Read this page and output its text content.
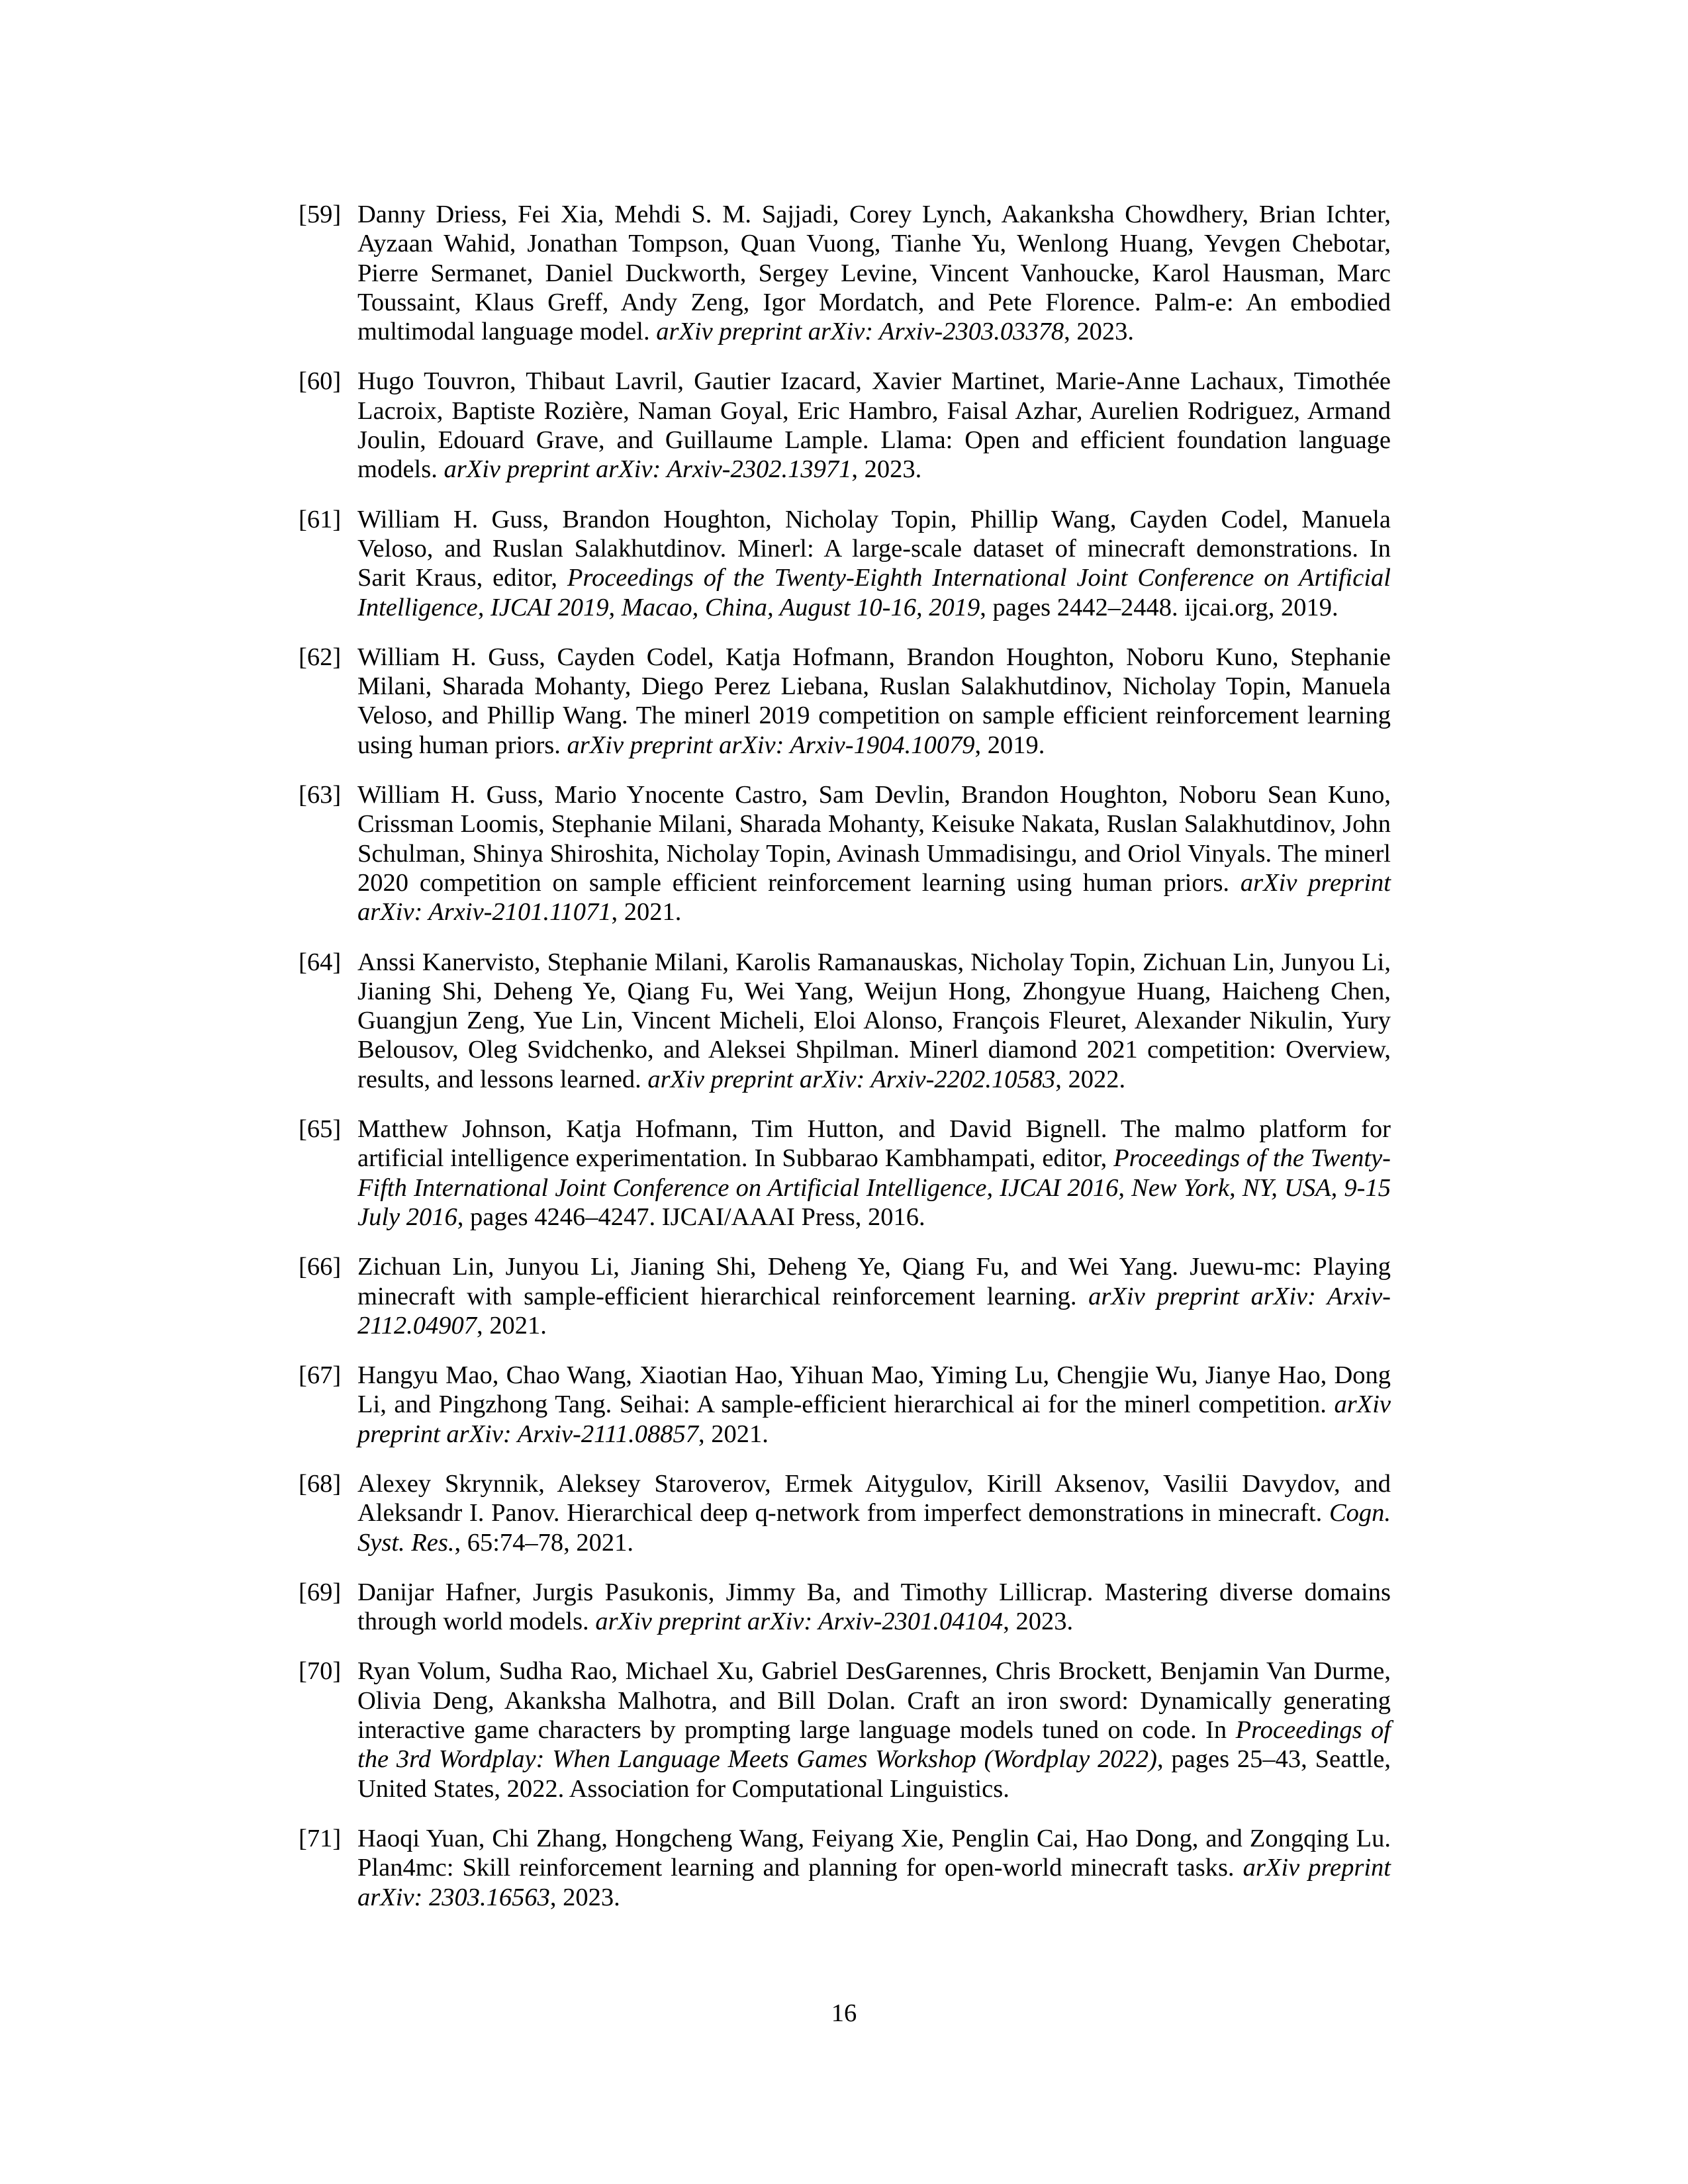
[59] Danny Driess, Fei Xia, Mehdi S. M. Sajjadi, Corey Lynch, Aakanksha Chowdhery, Brian Ichter, Ayzaan Wahid, Jonathan Tompson, Quan Vuong, Tianhe Yu, Wenlong Huang, Yevgen Chebotar, Pierre Sermanet, Daniel Duckworth, Sergey Levine, Vincent Vanhoucke, Karol Hausman, Marc Toussaint, Klaus Greff, Andy Zeng, Igor Mordatch, and Pete Florence. Palm-e: An embodied multimodal language model. arXiv preprint arXiv: Arxiv-2303.03378, 2023.
[60] Hugo Touvron, Thibaut Lavril, Gautier Izacard, Xavier Martinet, Marie-Anne Lachaux, Timothée Lacroix, Baptiste Rozière, Naman Goyal, Eric Hambro, Faisal Azhar, Aurelien Rodriguez, Armand Joulin, Edouard Grave, and Guillaume Lample. Llama: Open and efficient foundation language models. arXiv preprint arXiv: Arxiv-2302.13971, 2023.
[61] William H. Guss, Brandon Houghton, Nicholay Topin, Phillip Wang, Cayden Codel, Manuela Veloso, and Ruslan Salakhutdinov. Minerl: A large-scale dataset of minecraft demonstrations. In Sarit Kraus, editor, Proceedings of the Twenty-Eighth International Joint Conference on Artificial Intelligence, IJCAI 2019, Macao, China, August 10-16, 2019, pages 2442–2448. ijcai.org, 2019.
[62] William H. Guss, Cayden Codel, Katja Hofmann, Brandon Houghton, Noboru Kuno, Stephanie Milani, Sharada Mohanty, Diego Perez Liebana, Ruslan Salakhutdinov, Nicholay Topin, Manuela Veloso, and Phillip Wang. The minerl 2019 competition on sample efficient reinforcement learning using human priors. arXiv preprint arXiv: Arxiv-1904.10079, 2019.
[63] William H. Guss, Mario Ynocente Castro, Sam Devlin, Brandon Houghton, Noboru Sean Kuno, Crissman Loomis, Stephanie Milani, Sharada Mohanty, Keisuke Nakata, Ruslan Salakhutdinov, John Schulman, Shinya Shiroshita, Nicholay Topin, Avinash Ummadisingu, and Oriol Vinyals. The minerl 2020 competition on sample efficient reinforcement learning using human priors. arXiv preprint arXiv: Arxiv-2101.11071, 2021.
[64] Anssi Kanervisto, Stephanie Milani, Karolis Ramanauskas, Nicholay Topin, Zichuan Lin, Junyou Li, Jianing Shi, Deheng Ye, Qiang Fu, Wei Yang, Weijun Hong, Zhongyue Huang, Haicheng Chen, Guangjun Zeng, Yue Lin, Vincent Micheli, Eloi Alonso, François Fleuret, Alexander Nikulin, Yury Belousov, Oleg Svidchenko, and Aleksei Shpilman. Minerl diamond 2021 competition: Overview, results, and lessons learned. arXiv preprint arXiv: Arxiv-2202.10583, 2022.
[65] Matthew Johnson, Katja Hofmann, Tim Hutton, and David Bignell. The malmo platform for artificial intelligence experimentation. In Subbarao Kambhampati, editor, Proceedings of the Twenty-Fifth International Joint Conference on Artificial Intelligence, IJCAI 2016, New York, NY, USA, 9-15 July 2016, pages 4246–4247. IJCAI/AAAI Press, 2016.
[66] Zichuan Lin, Junyou Li, Jianing Shi, Deheng Ye, Qiang Fu, and Wei Yang. Juewu-mc: Playing minecraft with sample-efficient hierarchical reinforcement learning. arXiv preprint arXiv: Arxiv-2112.04907, 2021.
[67] Hangyu Mao, Chao Wang, Xiaotian Hao, Yihuan Mao, Yiming Lu, Chengjie Wu, Jianye Hao, Dong Li, and Pingzhong Tang. Seihai: A sample-efficient hierarchical ai for the minerl competition. arXiv preprint arXiv: Arxiv-2111.08857, 2021.
[68] Alexey Skrynnik, Aleksey Staroverov, Ermek Aitygulov, Kirill Aksenov, Vasilii Davydov, and Aleksandr I. Panov. Hierarchical deep q-network from imperfect demonstrations in minecraft. Cogn. Syst. Res., 65:74–78, 2021.
[69] Danijar Hafner, Jurgis Pasukonis, Jimmy Ba, and Timothy Lillicrap. Mastering diverse domains through world models. arXiv preprint arXiv: Arxiv-2301.04104, 2023.
[70] Ryan Volum, Sudha Rao, Michael Xu, Gabriel DesGarennes, Chris Brockett, Benjamin Van Durme, Olivia Deng, Akanksha Malhotra, and Bill Dolan. Craft an iron sword: Dynamically generating interactive game characters by prompting large language models tuned on code. In Proceedings of the 3rd Wordplay: When Language Meets Games Workshop (Wordplay 2022), pages 25–43, Seattle, United States, 2022. Association for Computational Linguistics.
[71] Haoqi Yuan, Chi Zhang, Hongcheng Wang, Feiyang Xie, Penglin Cai, Hao Dong, and Zongqing Lu. Plan4mc: Skill reinforcement learning and planning for open-world minecraft tasks. arXiv preprint arXiv: 2303.16563, 2023.
16
